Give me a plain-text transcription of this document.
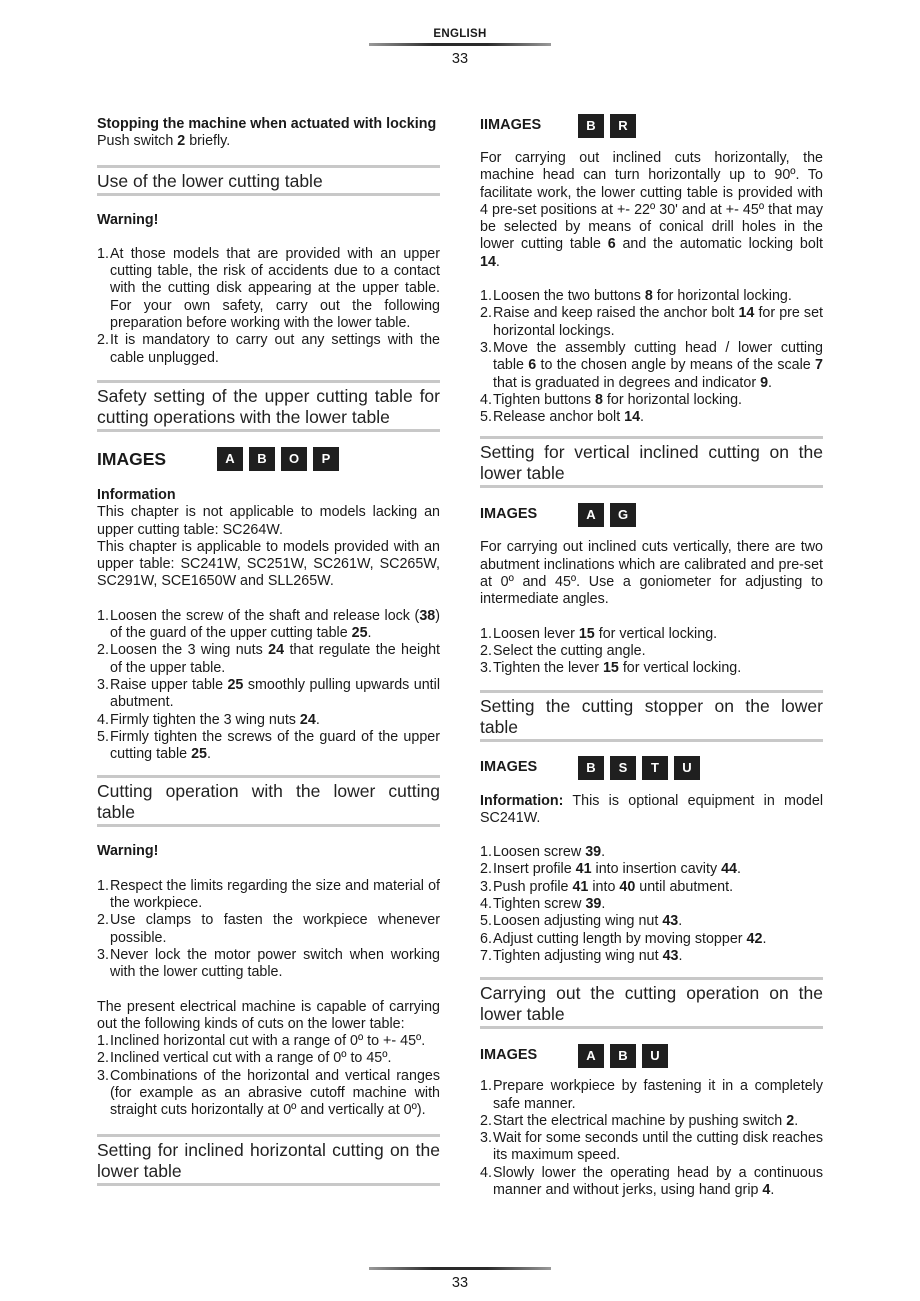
ENGLISH
33

Stopping the machine when actuated with locking

Push switch 2 briefly.

Use of the lower cutting table

Warning!

1. At those models that are provided with an upper cutting table, the risk of accidents due to a contact with the cutting disk appearing at the upper table. For your own safety, carry out the following preparation before working with the lower table.
2. It is mandatory to carry out any settings with the cable unplugged.
Safety setting of the upper cutting table for cutting operations with the lower table
IMAGES	A	B	O	P

Information

This chapter is not applicable to models lacking an upper cutting table: SC264W.

This chapter is applicable to models provided with an upper table: SC241W, SC251W, SC261W, SC265W, SC291W, SCE1650W and SLL265W.

1. Loosen the screw of the shaft and release lock (38) of the guard of the upper cutting table 25.
2. Loosen the 3 wing nuts 24 that regulate the height of the upper table.
3. Raise upper table 25 smoothly pulling upwards until abutment.
4. Firmly tighten the 3 wing nuts 24.
5. Firmly tighten the screws of the guard of the upper cutting table 25.
Cutting operation with the lower cutting table

Warning!

1. Respect the limits regarding the size and material of the workpiece.
2. Use clamps to fasten the workpiece whenever possible.
3. Never lock the motor power switch when working with the lower cutting table.

The present electrical machine is capable of carrying out the following kinds of cuts on the lower table:

1. Inclined horizontal cut with a range of 0º to +- 45º.
2. Inclined vertical cut with a range of 0º to 45º.
3. Combinations of the horizontal and vertical ranges (for example as an abrasive cutoff machine with straight cuts horizontally at 0º and vertically at 0º).
Setting for inclined horizontal cutting on the lower table
IIMAGES	B	R

For carrying out inclined cuts horizontally, the machine head can turn horizontally up to 90º. To facilitate work, the lower cutting table is provided with 4 pre-set positions at +- 22º 30' and at +- 45º that may be selected by means of conical drill holes in the lower cutting table 6 and the automatic locking bolt 14.

1. Loosen the two buttons 8 for horizontal locking.
2. Raise and keep raised the anchor bolt 14 for pre set horizontal lockings.
3. Move the assembly cutting head / lower cutting table 6 to the chosen angle by means of the scale 7 that is graduated in degrees and indicator 9.
4. Tighten buttons 8 for horizontal locking.
5. Release anchor bolt 14.
Setting for vertical inclined cutting on the lower table
IMAGES	A	G

For carrying out inclined cuts vertically, there are two abutment inclinations which are calibrated and pre-set at 0º and 45º. Use a goniometer for adjusting to intermediate angles.

1. Loosen lever 15 for vertical locking.
2. Select the cutting angle.
3. Tighten the lever 15 for vertical locking.
Setting the cutting stopper on the lower table
IMAGES	B	S	T	U

Information: This is optional equipment in model SC241W.

1. Loosen screw 39.
2. Insert profile 41 into insertion cavity 44.
3. Push profile 41 into 40 until abutment.
4. Tighten screw 39.
5. Loosen adjusting wing nut 43.
6. Adjust cutting length by moving stopper 42.
7. Tighten adjusting wing nut 43.
Carrying out the cutting operation on the lower table
IMAGES	A	B	U
1. Prepare workpiece by fastening it in a completely safe manner.
2. Start the electrical machine by pushing switch 2.
3. Wait for some seconds until the cutting disk reaches its maximum speed.
4. Slowly lower the operating head by a continuous manner and without jerks, using hand grip 4.
33
